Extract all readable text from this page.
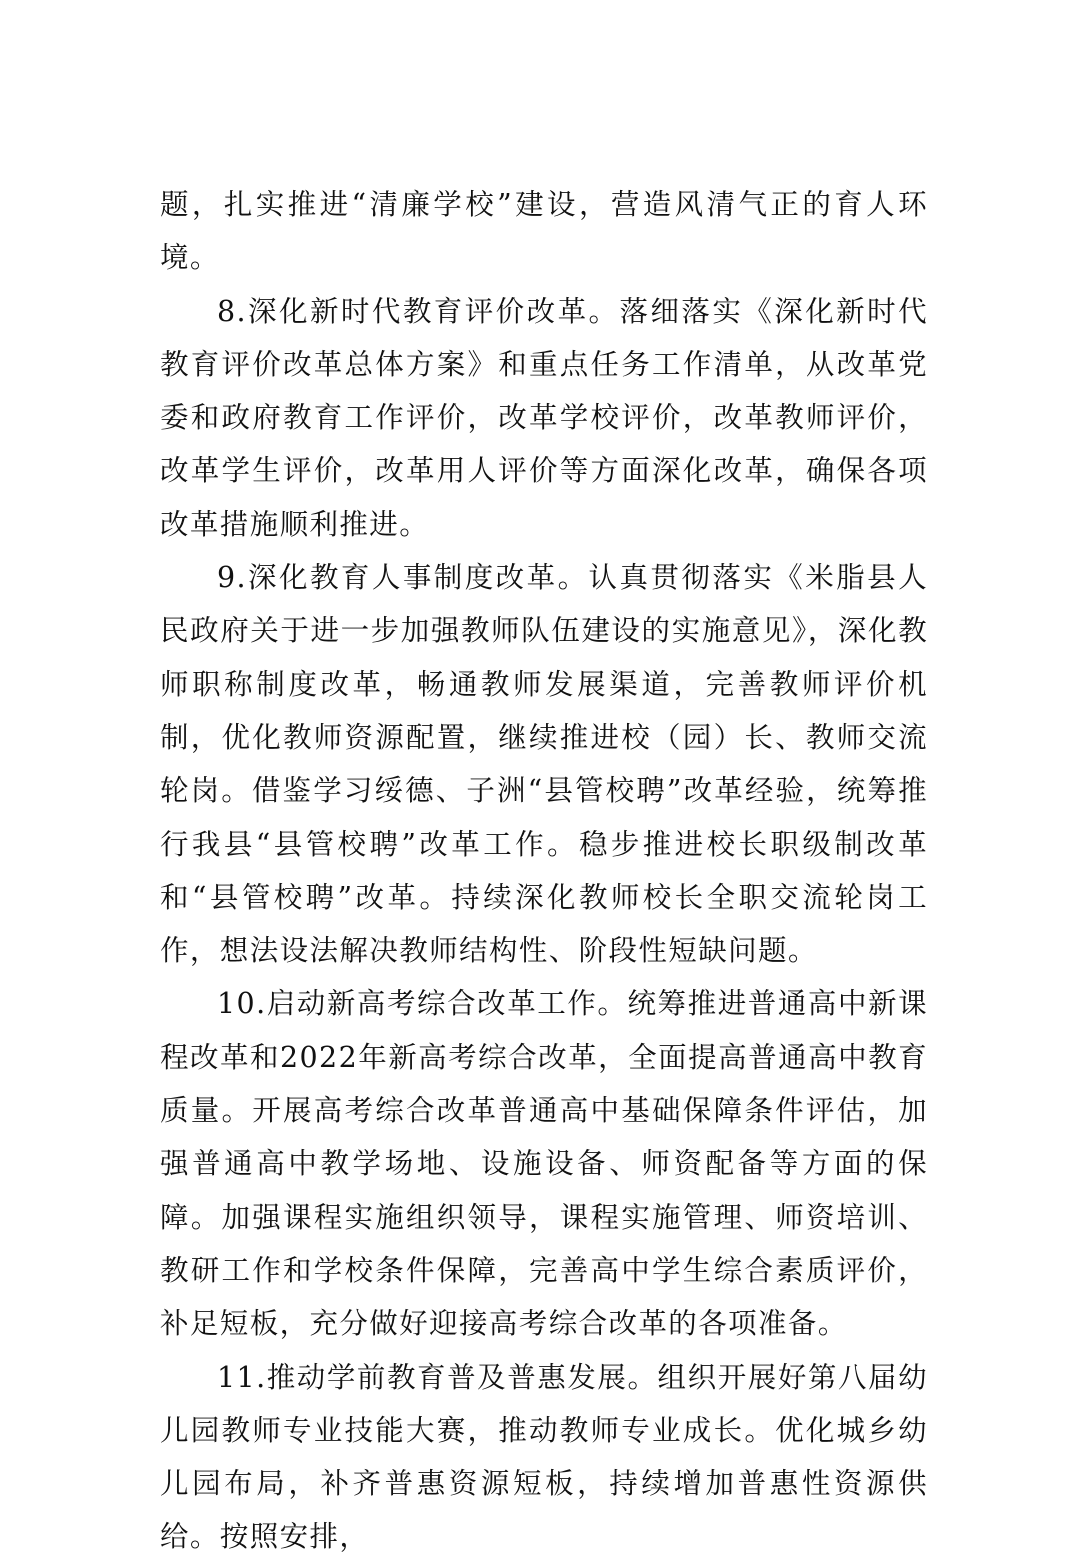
题，扎实推进“清廉学校”建设，营造风清气正的育人环境。

8.深化新时代教育评价改革。落细落实《深化新时代教育评价改革总体方案》和重点任务工作清单，从改革党委和政府教育工作评价，改革学校评价，改革教师评价，改革学生评价，改革用人评价等方面深化改革，确保各项改革措施顺利推进。

9.深化教育人事制度改革。认真贯彻落实《米脂县人民政府关于进一步加强教师队伍建设的实施意见》，深化教师职称制度改革，畅通教师发展渠道，完善教师评价机制，优化教师资源配置，继续推进校（园）长、教师交流轮岗。借鉴学习绥德、子洲“县管校聘”改革经验，统筹推行我县“县管校聘”改革工作。稳步推进校长职级制改革和“县管校聘”改革。持续深化教师校长全职交流轮岗工作，想法设法解决教师结构性、阶段性短缺问题。

10.启动新高考综合改革工作。统筹推进普通高中新课程改革和2022年新高考综合改革，全面提高普通高中教育质量。开展高考综合改革普通高中基础保障条件评估，加强普通高中教学场地、设施设备、师资配备等方面的保障。加强课程实施组织领导，课程实施管理、师资培训、教研工作和学校条件保障，完善高中学生综合素质评价，补足短板，充分做好迎接高考综合改革的各项准备。

11.推动学前教育普及普惠发展。组织开展好第八届幼儿园教师专业技能大赛，推动教师专业成长。优化城乡幼儿园布局，补齐普惠资源短板，持续增加普惠性资源供给。按照安排，
